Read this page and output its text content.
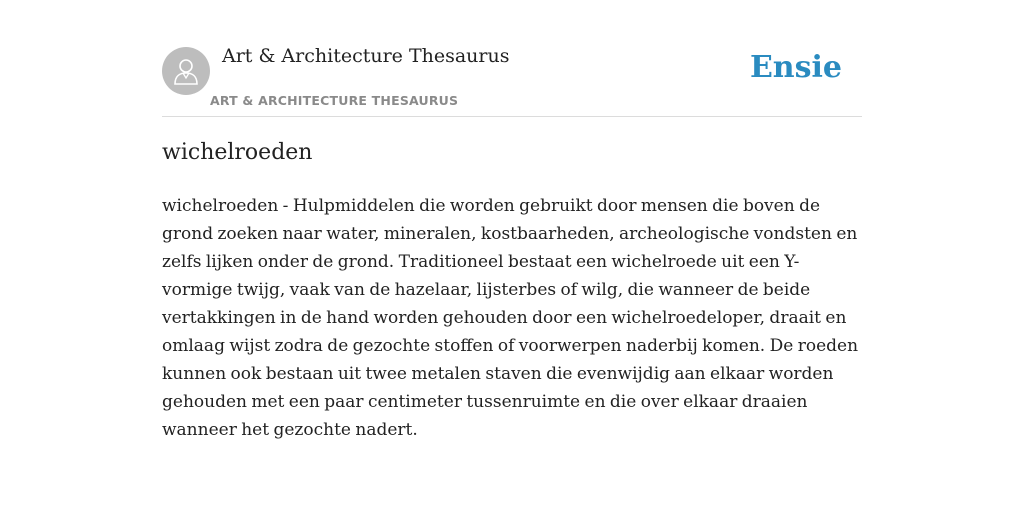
Art & Architecture Thesaurus
ART & ARCHITECTURE THESAURUS
Ensie
wichelroeden

wichelroeden - Hulpmiddelen die worden gebruikt door mensen die boven de grond zoeken naar water, mineralen, kostbaarheden, archeologische vondsten en zelfs lijken onder de grond. Traditioneel bestaat een wichelroede uit een Y-vormige twijg, vaak van de hazelaar, lijsterbes of wilg, die wanneer de beide vertakkingen in de hand worden gehouden door een wichelroedeloper, draait en omlaag wijst zodra de gezochte stoffen of voorwerpen naderbij komen. De roeden kunnen ook bestaan uit twee metalen staven die evenwijdig aan elkaar worden gehouden met een paar centimeter tussenruimte en die over elkaar draaien wanneer het gezochte nadert.
